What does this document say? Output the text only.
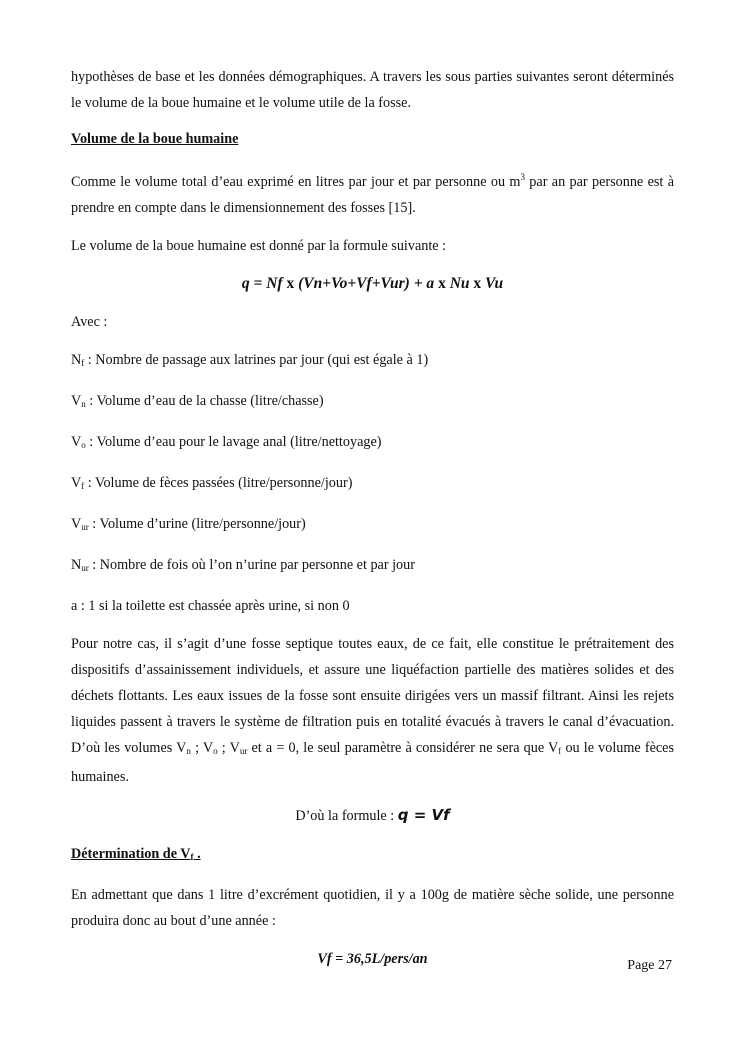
hypothèses de base et les données démographiques. A travers les sous parties suivantes seront déterminés le volume de la boue humaine et le volume utile de la fosse.

Volume de la boue humaine

Comme le volume total d’eau exprimé en litres par jour et par personne ou $m^3$ par an par personne est à prendre en compte dans le dimensionnement des fosses [15].

Le volume de la boue humaine est donné par la formule suivante :

q = Nf x (Vn+Vo+Vf+Vur) + a x Nu x Vu

Avec :

$N_f$ : Nombre de passage aux latrines par jour (qui est égale à 1)

$V_n$ : Volume d’eau de la chasse (litre/chasse)

$V_o$ : Volume d’eau pour le lavage anal (litre/nettoyage)

$V_f$ : Volume de fèces passées (litre/personne/jour)

$V_{ur}$ : Volume d’urine (litre/personne/jour)

$N_{ur}$ : Nombre de fois où l’on n’urine par personne et par jour

a : 1 si la toilette est chassée après urine, si non 0

Pour notre cas, il s’agit d’une fosse septique toutes eaux, de ce fait, elle constitue le prétraitement des dispositifs d’assainissement individuels, et assure une liquéfaction partielle des matières solides et des déchets flottants. Les eaux issues de la fosse sont ensuite dirigées vers un massif filtrant. Ainsi les rejets liquides passent à travers le système de filtration puis en totalité évacués à travers le canal d’évacuation. D’où les volumes $V_n$ ; $V_o$ ; $V_{ur}$ et a = 0, le seul paramètre à considérer ne sera que $V_f$ ou le volume fèces humaines.

D’où la formule : q = Vf

Détermination de $V_f$ .

En admettant que dans 1 litre d’excrément quotidien, il y a 100g de matière sèche solide, une personne produira donc au bout d’une année :

Vf = 36,5L/pers/an	Page 27
